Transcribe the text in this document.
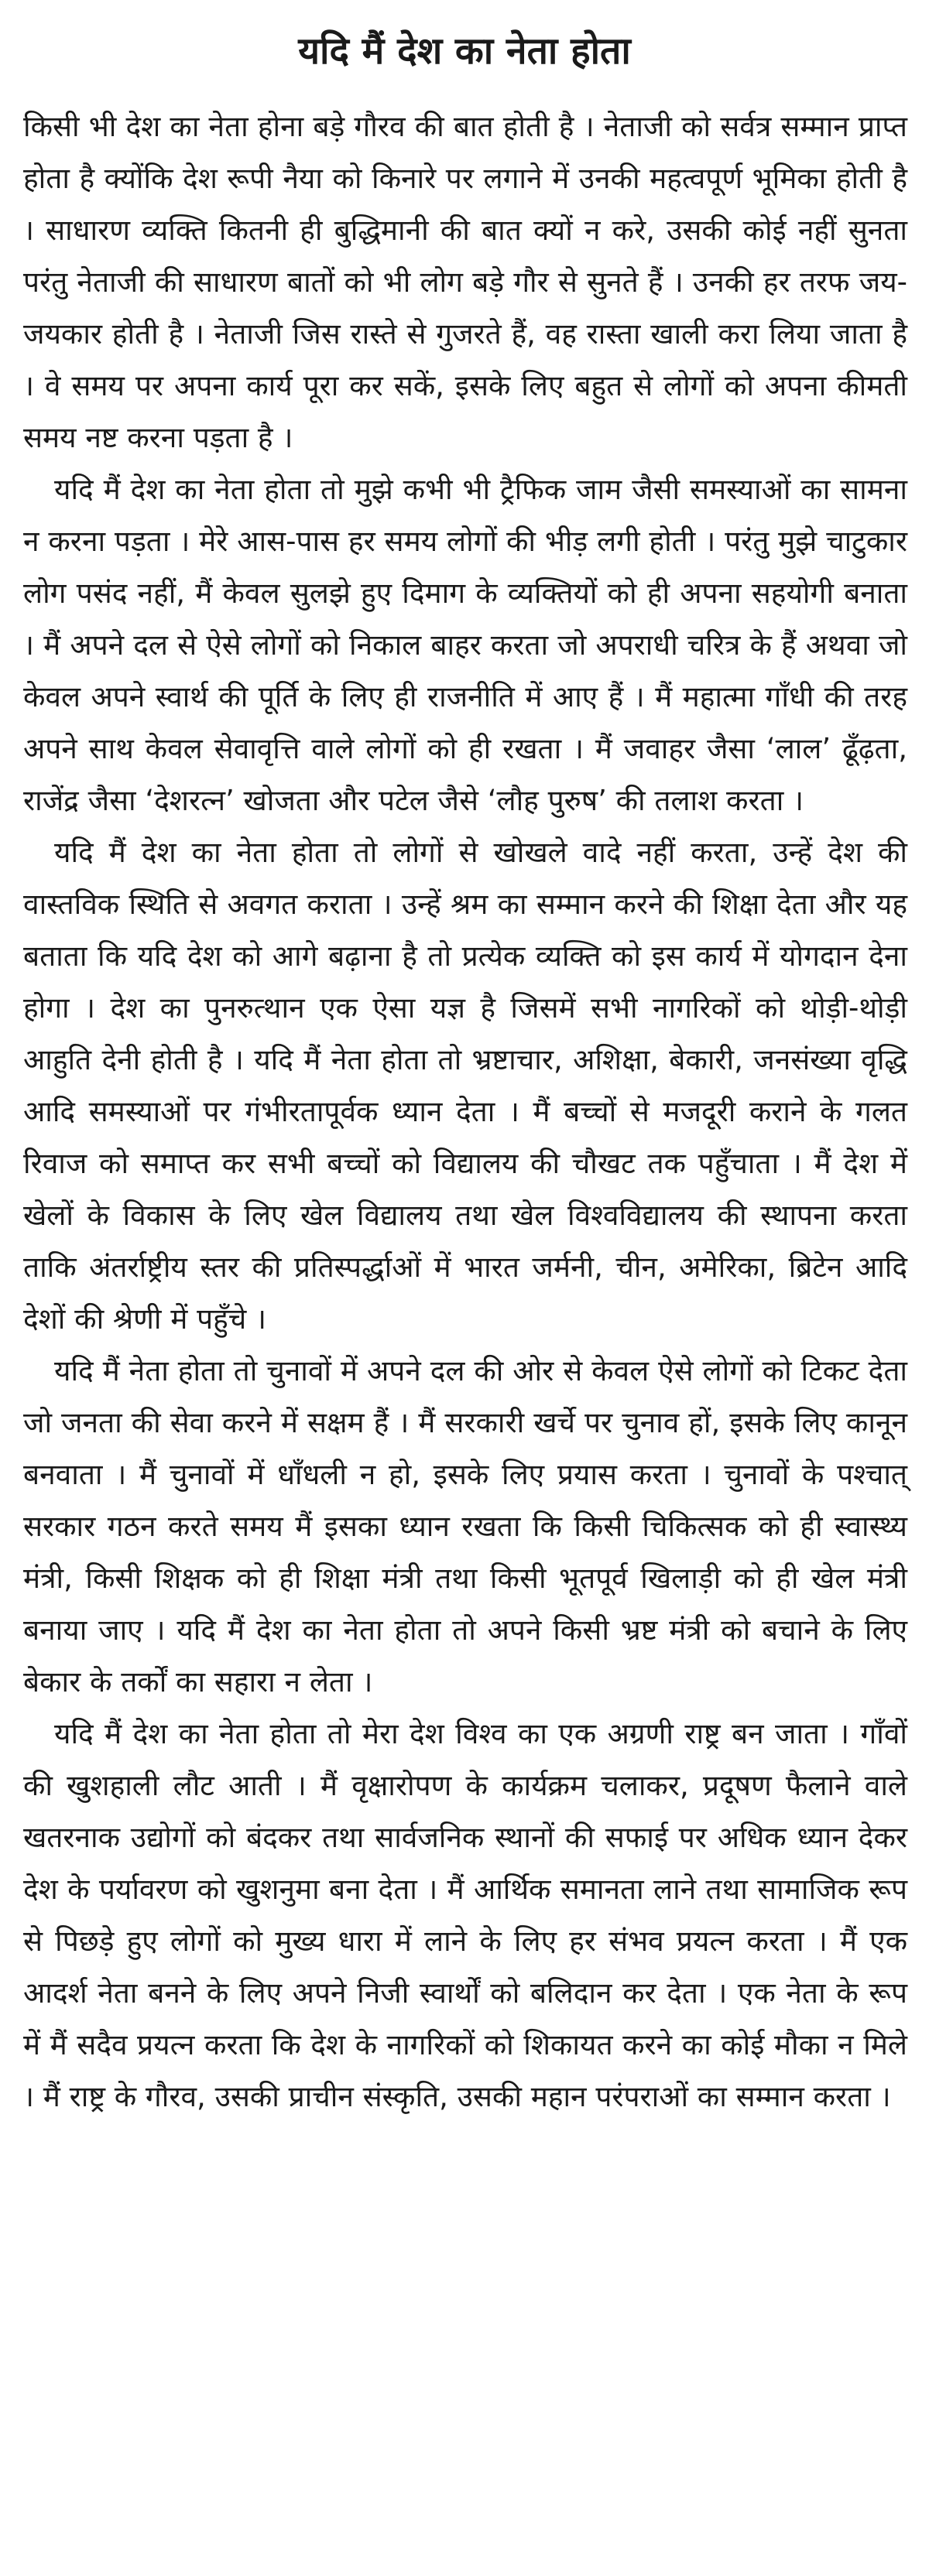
यदि मैं देश का नेता होता

किसी भी देश का नेता होना बड़े गौरव की बात होती है । नेताजी को सर्वत्र सम्मान प्राप्त होता है क्योंकि देश रूपी नैया को किनारे पर लगाने में उनकी महत्वपूर्ण भूमिका होती है । साधारण व्यक्ति कितनी ही बुद्धिमानी की बात क्यों न करे, उसकी कोई नहीं सुनता परंतु नेताजी की साधारण बातों को भी लोग बड़े गौर से सुनते हैं । उनकी हर तरफ जय-जयकार होती है । नेताजी जिस रास्ते से गुजरते हैं, वह रास्ता खाली करा लिया जाता है । वे समय पर अपना कार्य पूरा कर सकें, इसके लिए बहुत से लोगों को अपना कीमती समय नष्ट करना पड़ता है ।

यदि मैं देश का नेता होता तो मुझे कभी भी ट्रैफिक जाम जैसी समस्याओं का सामना न करना पड़ता । मेरे आस-पास हर समय लोगों की भीड़ लगी होती । परंतु मुझे चाटुकार लोग पसंद नहीं, मैं केवल सुलझे हुए दिमाग के व्यक्तियों को ही अपना सहयोगी बनाता । मैं अपने दल से ऐसे लोगों को निकाल बाहर करता जो अपराधी चरित्र के हैं अथवा जो केवल अपने स्वार्थ की पूर्ति के लिए ही राजनीति में आए हैं । मैं महात्मा गाँधी की तरह अपने साथ केवल सेवावृत्ति वाले लोगों को ही रखता । मैं जवाहर जैसा ‘लाल’ ढूँढ़ता, राजेंद्र जैसा ‘देशरत्न’ खोजता और पटेल जैसे ‘लौह पुरुष’ की तलाश करता ।

यदि मैं देश का नेता होता तो लोगों से खोखले वादे नहीं करता, उन्हें देश की वास्तविक स्थिति से अवगत कराता । उन्हें श्रम का सम्मान करने की शिक्षा देता और यह बताता कि यदि देश को आगे बढ़ाना है तो प्रत्येक व्यक्ति को इस कार्य में योगदान देना होगा । देश का पुनरुत्थान एक ऐसा यज्ञ है जिसमें सभी नागरिकों को थोड़ी-थोड़ी आहुति देनी होती है । यदि मैं नेता होता तो भ्रष्टाचार, अशिक्षा, बेकारी, जनसंख्या वृद्धि आदि समस्याओं पर गंभीरतापूर्वक ध्यान देता । मैं बच्चों से मजदूरी कराने के गलत रिवाज को समाप्त कर सभी बच्चों को विद्यालय की चौखट तक पहुँचाता । मैं देश में खेलों के विकास के लिए खेल विद्यालय तथा खेल विश्वविद्यालय की स्थापना करता ताकि अंतर्राष्ट्रीय स्तर की प्रतिस्पर्द्धाओं में भारत जर्मनी, चीन, अमेरिका, ब्रिटेन आदि देशों की श्रेणी में पहुँचे ।

यदि मैं नेता होता तो चुनावों में अपने दल की ओर से केवल ऐसे लोगों को टिकट देता जो जनता की सेवा करने में सक्षम हैं । मैं सरकारी खर्चे पर चुनाव हों, इसके लिए कानून बनवाता । मैं चुनावों में धाँधली न हो, इसके लिए प्रयास करता । चुनावों के पश्चात् सरकार गठन करते समय मैं इसका ध्यान रखता कि किसी चिकित्सक को ही स्वास्थ्य मंत्री, किसी शिक्षक को ही शिक्षा मंत्री तथा किसी भूतपूर्व खिलाड़ी को ही खेल मंत्री बनाया जाए । यदि मैं देश का नेता होता तो अपने किसी भ्रष्ट मंत्री को बचाने के लिए बेकार के तर्कों का सहारा न लेता ।

यदि मैं देश का नेता होता तो मेरा देश विश्व का एक अग्रणी राष्ट्र बन जाता । गाँवों की खुशहाली लौट आती । मैं वृक्षारोपण के कार्यक्रम चलाकर, प्रदूषण फैलाने वाले खतरनाक उद्योगों को बंदकर तथा सार्वजनिक स्थानों की सफाई पर अधिक ध्यान देकर देश के पर्यावरण को खुशनुमा बना देता । मैं आर्थिक समानता लाने तथा सामाजिक रूप से पिछड़े हुए लोगों को मुख्य धारा में लाने के लिए हर संभव प्रयत्न करता । मैं एक आदर्श नेता बनने के लिए अपने निजी स्वार्थों को बलिदान कर देता । एक नेता के रूप में मैं सदैव प्रयत्न करता कि देश के नागरिकों को शिकायत करने का कोई मौका न मिले । मैं राष्ट्र के गौरव, उसकी प्राचीन संस्कृति, उसकी महान परंपराओं का सम्मान करता ।
